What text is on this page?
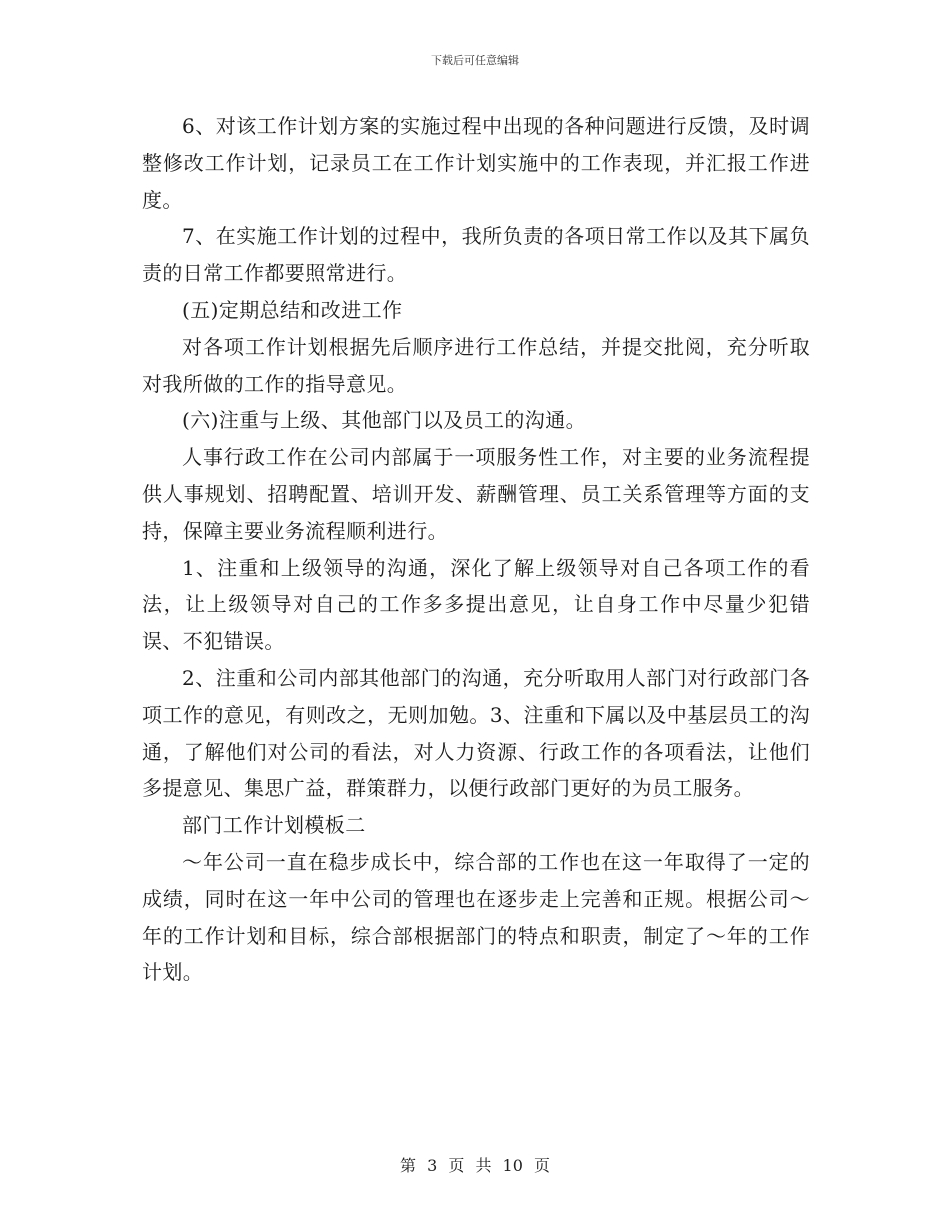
下载后可任意编辑

6、对该工作计划方案的实施过程中出现的各种问题进行反馈，及时调整修改工作计划，记录员工在工作计划实施中的工作表现，并汇报工作进度。

7、在实施工作计划的过程中，我所负责的各项日常工作以及其下属负责的日常工作都要照常进行。

(五)定期总结和改进工作

对各项工作计划根据先后顺序进行工作总结，并提交批阅，充分听取对我所做的工作的指导意见。

(六)注重与上级、其他部门以及员工的沟通。

人事行政工作在公司内部属于一项服务性工作，对主要的业务流程提供人事规划、招聘配置、培训开发、薪酬管理、员工关系管理等方面的支持，保障主要业务流程顺利进行。

1、注重和上级领导的沟通，深化了解上级领导对自己各项工作的看法，让上级领导对自己的工作多多提出意见，让自身工作中尽量少犯错误、不犯错误。

2、注重和公司内部其他部门的沟通，充分听取用人部门对行政部门各项工作的意见，有则改之，无则加勉。3、注重和下属以及中基层员工的沟通，了解他们对公司的看法，对人力资源、行政工作的各项看法，让他们多提意见、集思广益，群策群力，以便行政部门更好的为员工服务。

部门工作计划模板二

～年公司一直在稳步成长中，综合部的工作也在这一年取得了一定的成绩，同时在这一年中公司的管理也在逐步走上完善和正规。根据公司～年的工作计划和目标，综合部根据部门的特点和职责，制定了～年的工作计划。

第 3 页 共 10 页
